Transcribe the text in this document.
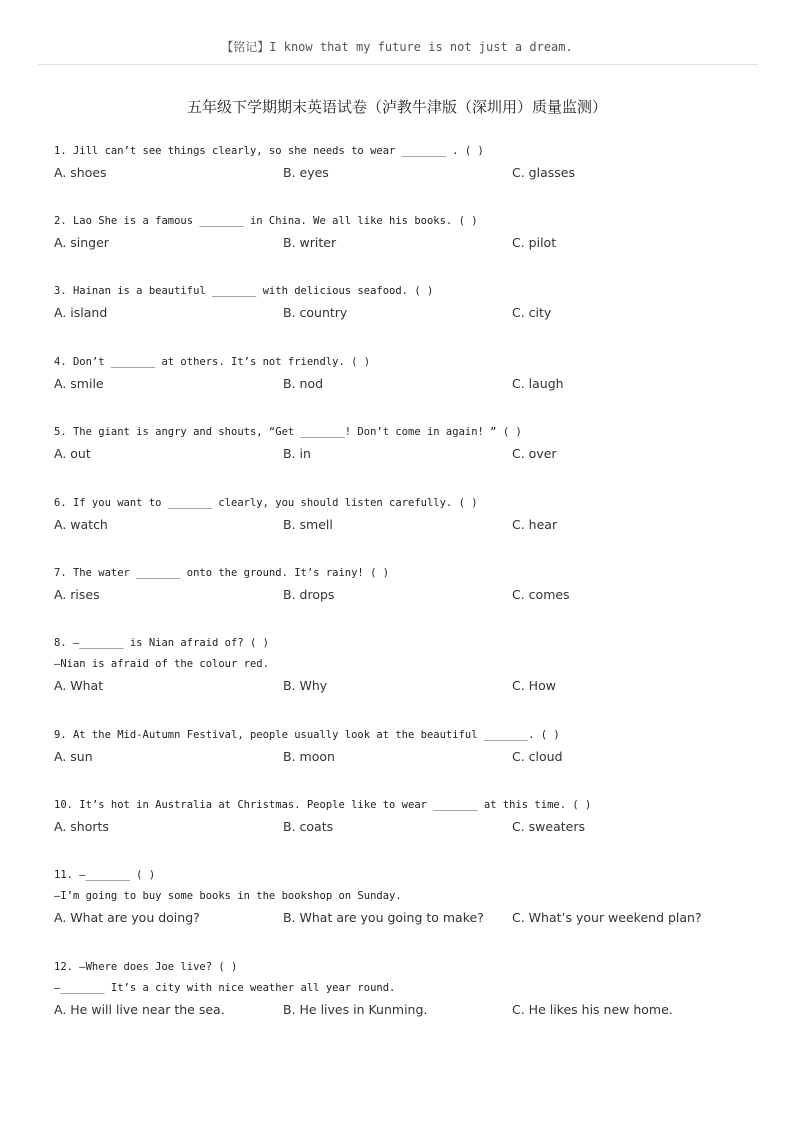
【铭记】I know that my future is not just a dream.
五年级下学期期末英语试卷（泸教牛津版（深圳用）质量监测）
1. Jill can’t see things clearly, so she needs to wear _______ . ( )
A. shoes	B. eyes	C. glasses
2. Lao She is a famous _______ in China. We all like his books. ( )
A. singer	B. writer	C. pilot
3. Hainan is a beautiful _______ with delicious seafood. ( )
A. island	B. country	C. city
4. Don’t _______ at others. It’s not friendly. ( )
A. smile	B. nod	C. laugh
5. The giant is angry and shouts, “Get _______! Don’t come in again! ” ( )
A. out	B. in	C. over
6. If you want to _______ clearly, you should listen carefully. ( )
A. watch	B. smell	C. hear
7. The water _______ onto the ground. It’s rainy! ( )
A. rises	B. drops	C. comes
8. —_______ is Nian afraid of? ( )
—Nian is afraid of the colour red.
A. What	B. Why	C. How
9. At the Mid-Autumn Festival, people usually look at the beautiful _______. ( )
A. sun	B. moon	C. cloud
10. It’s hot in Australia at Christmas. People like to wear _______ at this time. ( )
A. shorts	B. coats	C. sweaters
11. —_______ ( )
—I’m going to buy some books in the bookshop on Sunday.
A. What are you doing?	B. What are you going to make? C. What’s your weekend plan?
12. —Where does Joe live? ( )
—_______ It’s a city with nice weather all year round.
A. He will live near the sea.	B. He lives in Kunming.	C. He likes his new home.
